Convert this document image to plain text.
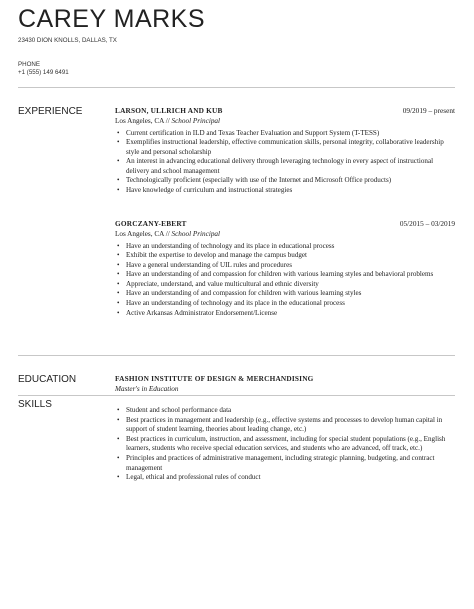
CAREY MARKS
23430 DION KNOLLS, DALLAS, TX
PHONE
+1 (555) 149 6491
EXPERIENCE	LARSON, ULLRICH AND KUB	09/2019 – present
Los Angeles, CA // School Principal
• Current certification in ILD and Texas Teacher Evaluation and Support System (T-TESS)
• Exemplifies instructional leadership, effective communication skills, personal integrity, collaborative leadership style and personal scholarship
• An interest in advancing educational delivery through leveraging technology in every aspect of instructional delivery and school management
• Technologically proficient (especially with use of the Internet and Microsoft Office products)
• Have knowledge of curriculum and instructional strategies
GORCZANY-EBERT	05/2015 – 03/2019
Los Angeles, CA // School Principal
• Have an understanding of technology and its place in educational process
• Exhibit the expertise to develop and manage the campus budget
• Have a general understanding of UIL rules and procedures
• Have an understanding of and compassion for children with various learning styles and behavioral problems
• Appreciate, understand, and value multicultural and ethnic diversity
• Have an understanding of and compassion for children with various learning styles
• Have an understanding of technology and its place in the educational process
• Active Arkansas Administrator Endorsement/License
EDUCATION	FASHION INSTITUTE OF DESIGN & MERCHANDISING
Master's in Education
SKILLS
•	Student and school performance data
• Best practices in management and leadership (e.g., effective systems and processes to develop human capital in support of student learning, theories about leading change, etc.)
• Best practices in curriculum, instruction, and assessment, including for special student populations (e.g., English learners, students who receive special education services, and students who are advanced, off track, etc.)
• Principles and practices of administrative management, including strategic planning, budgeting, and contract management
• Legal, ethical and professional rules of conduct
